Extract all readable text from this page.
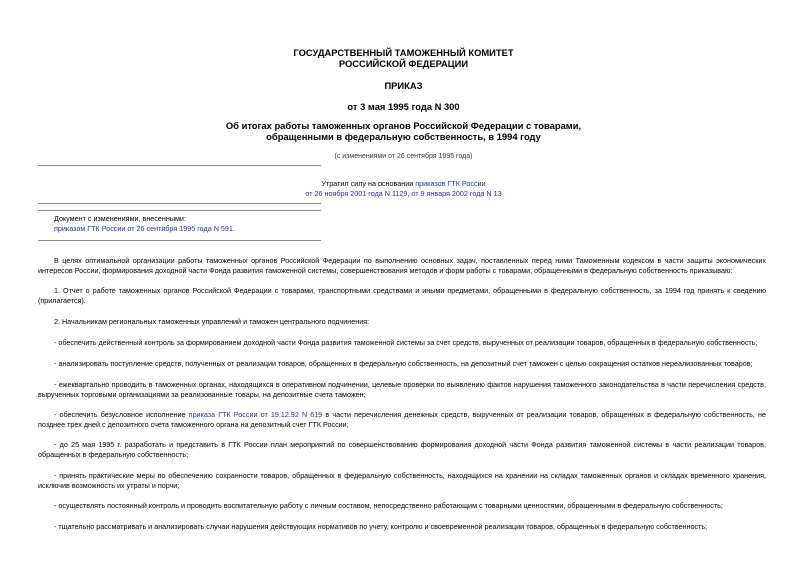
ГОСУДАРСТВЕННЫЙ ТАМОЖЕННЫЙ КОМИТЕТ
РОССИЙСКОЙ ФЕДЕРАЦИИ
ПРИКАЗ
от 3 мая 1995 года N 300
Об итогах работы таможенных органов Российской Федерации с товарами,
обращенными в федеральную собственность, в 1994 году
(с изменениями от 26 сентября 1995 года)
Утратил силу на основании приказов ГТК России
от 26 ноября 2001 года N 1129, от 9 января 2002 года N 13
Документ с изменениями, внесенными:
приказом ГТК России от 26 сентября 1995 года N 591.
В целях оптимальной организации работы таможенных органов Российской Федерации по выполнению основных задач, поставленных перед ними Таможенным кодексом в части защиты экономических интересов России, формирования доходной части Фонда развития таможенной системы, совершенствования методов и форм работы с товарами, обращенными в федеральную собственность приказываю:
1. Отчет о работе таможенных органов Российской Федерации с товарами, транспортными средствами и иными предметами, обращенными в федеральную собственность, за 1994 год принять к сведению (прилагается).
2. Начальникам региональных таможенных управлений и таможен центрального подчинения:
- обеспечить действенный контроль за формированием доходной части Фонда развития таможенной системы за счет средств, вырученных от реализации товаров, обращенных в федеральную собственность;
- анализировать поступление средств, полученных от реализации товаров, обращенных в федеральную собственность, на депозитный счет таможен с целью сокращения остатков нереализованных товаров;
- ежеквартально проводить в таможенных органах, находящихся в оперативном подчинении, целевые проверки по выявлению фактов нарушения таможенного законодательства в части перечисления средств, вырученных торговыми организациями за реализованные товары, на депозитные счета таможен;
- обеспечить безусловное исполнение приказа ГТК России от 19.12.92 N 619 в части перечисления денежных средств, вырученных от реализации товаров, обращенных в федеральную собственность, не позднее трех дней с депозитного счета таможенного органа на депозитный счет ГТК России;
- до 25 мая 1995 г. разработать и представить в ГТК России план мероприятий по совершенствованию формирования доходной части Фонда развития таможенной системы в части реализации товаров, обращенных в федеральную собственность;
- принять практические меры по обеспечению сохранности товаров, обращенных в федеральную собственность, находящихся на хранении на складах таможенных органов и складах временного хранения, исключив возможность их утраты и порчи;
- осуществлять постоянный контроль и проводить воспитательную работу с личным составом, непосредственно работающим с товарными ценностями, обращенными в федеральную собственность;
- тщательно рассматривать и анализировать случаи нарушения действующих нормативов по учету, контролю и своевременной реализации товаров, обращенных в федеральную собственность;
